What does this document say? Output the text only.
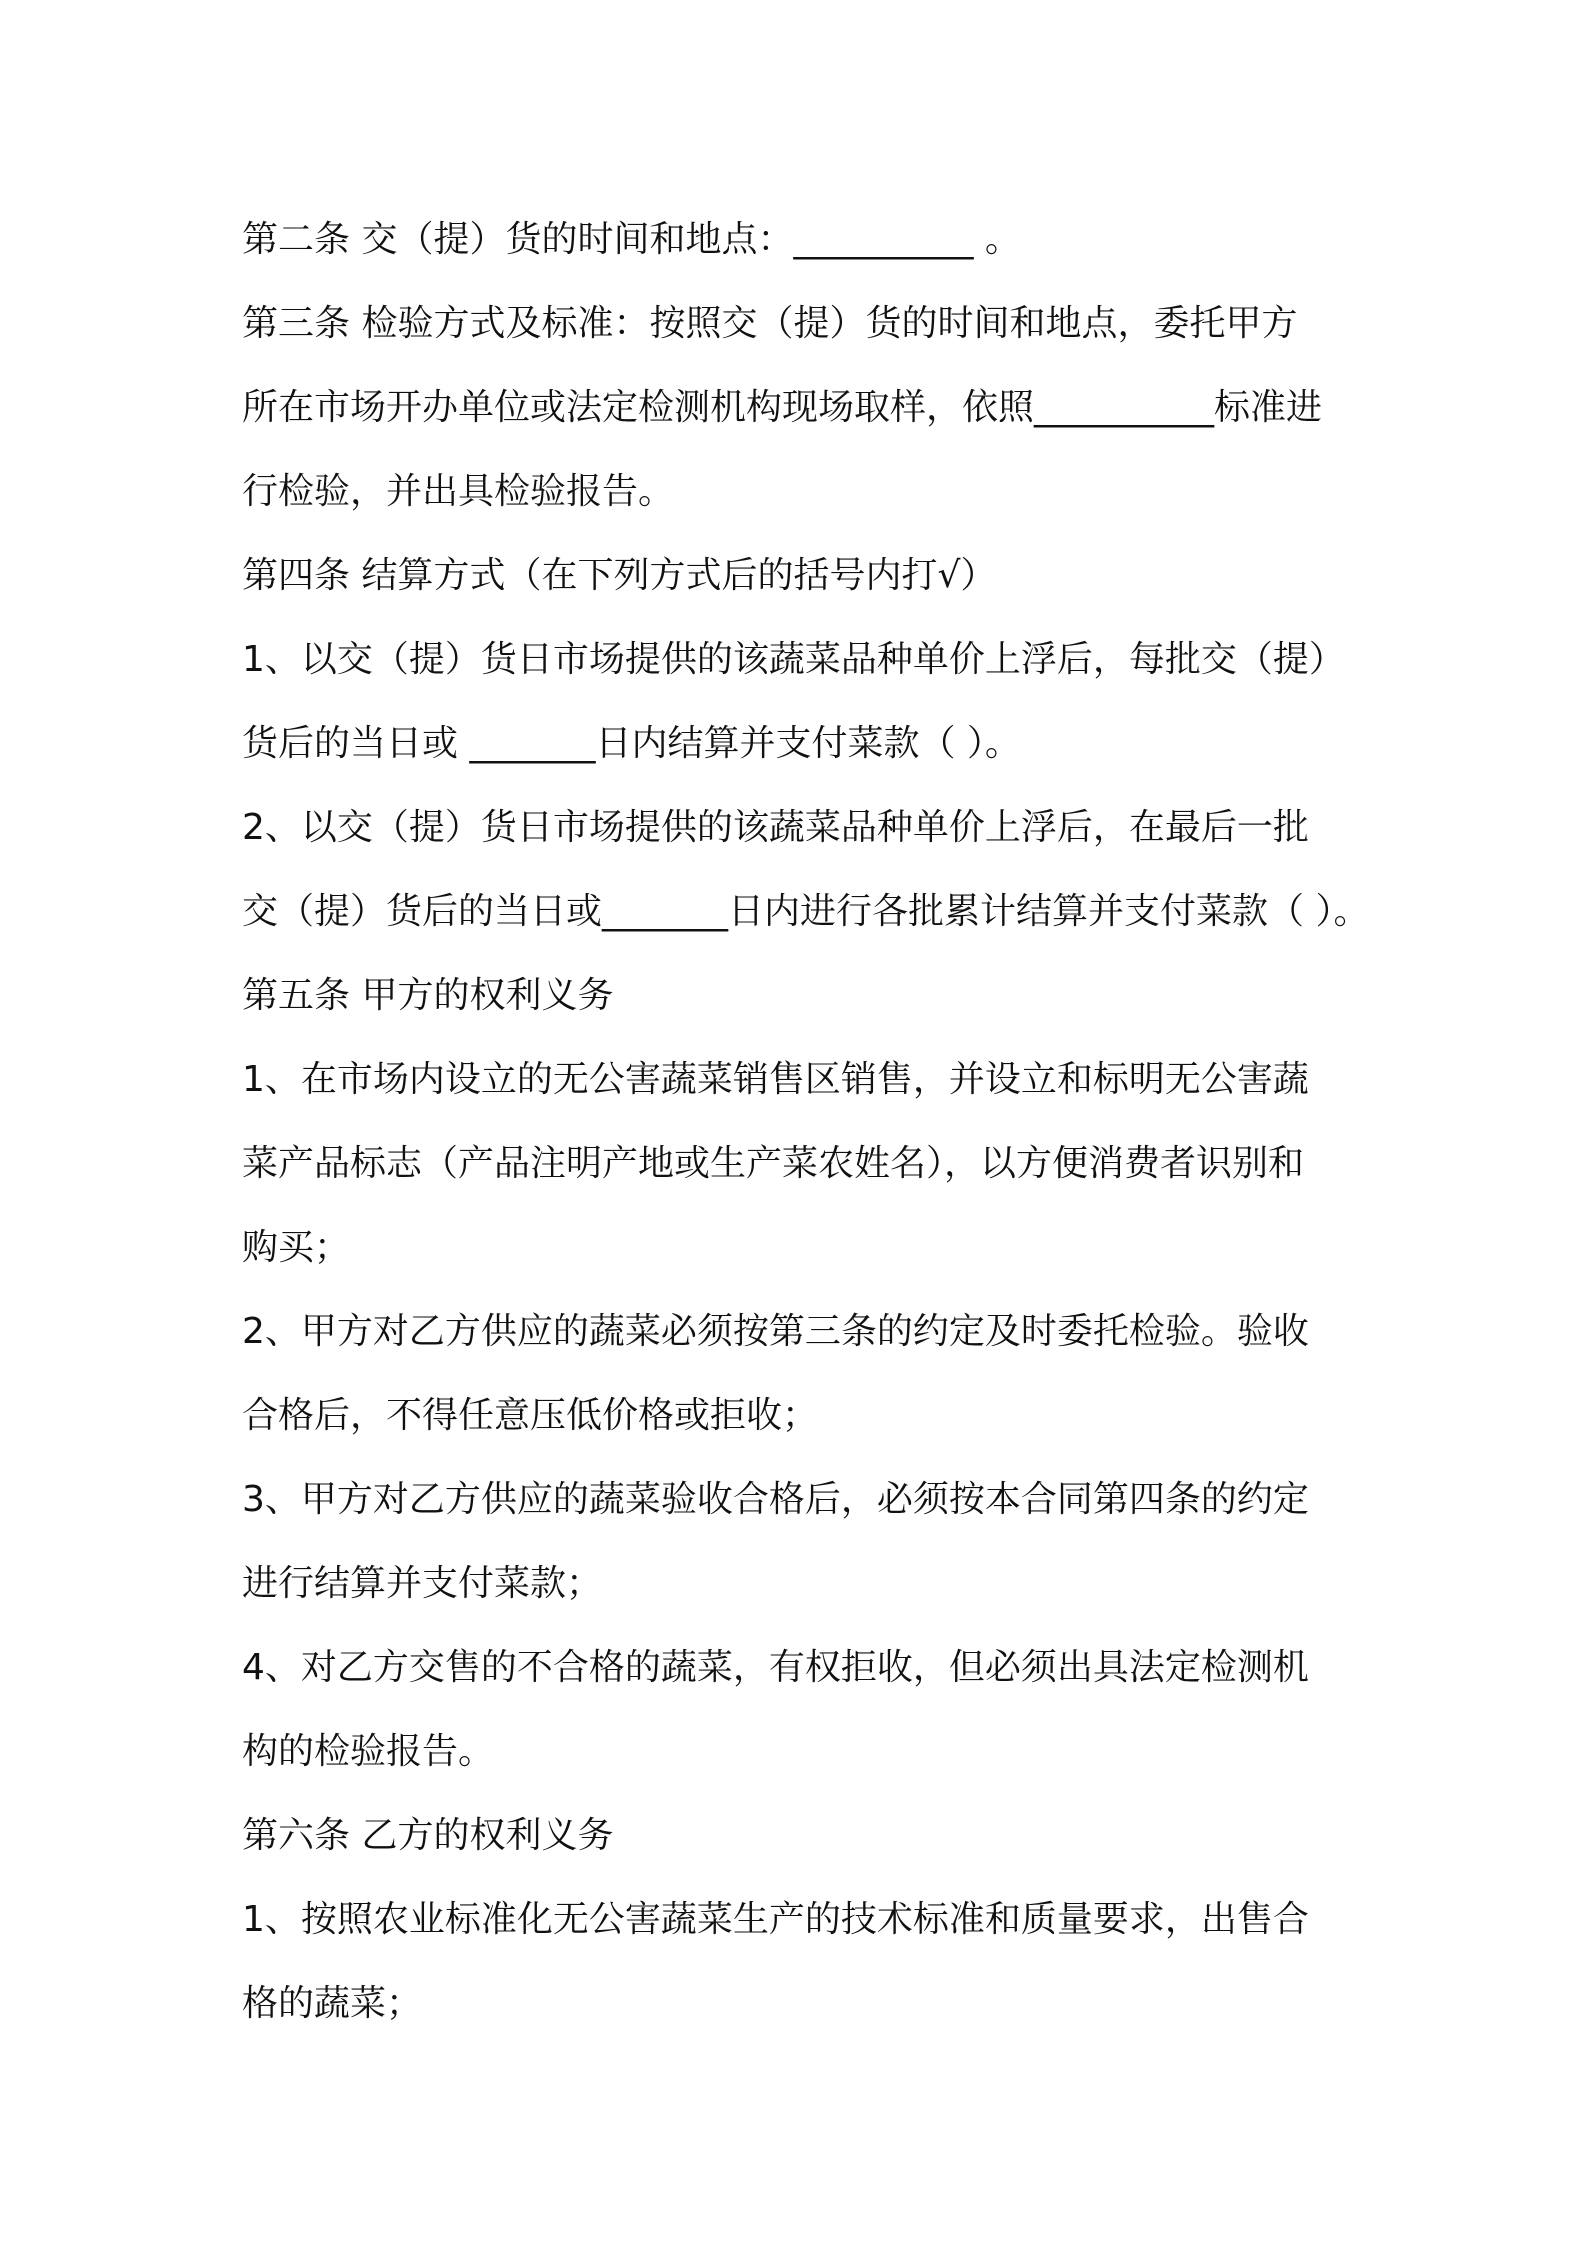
第二条 交（提）货的时间和地点：__________ 。
第三条 检验方式及标准：按照交（提）货的时间和地点，委托甲方
所在市场开办单位或法定检测机构现场取样，依照__________标准进
行检验，并出具检验报告。
第四条 结算方式（在下列方式后的括号内打√）
1、以交（提）货日市场提供的该蔬菜品种单价上浮后，每批交（提）
货后的当日或 _______日内结算并支付菜款（ ）。
2、以交（提）货日市场提供的该蔬菜品种单价上浮后，在最后一批
交（提）货后的当日或_______日内进行各批累计结算并支付菜款（ ）。
第五条 甲方的权利义务
1、在市场内设立的无公害蔬菜销售区销售，并设立和标明无公害蔬
菜产品标志（产品注明产地或生产菜农姓名），以方便消费者识别和
购买；
2、甲方对乙方供应的蔬菜必须按第三条的约定及时委托检验。验收
合格后，不得任意压低价格或拒收；
3、甲方对乙方供应的蔬菜验收合格后，必须按本合同第四条的约定
进行结算并支付菜款；
4、对乙方交售的不合格的蔬菜，有权拒收，但必须出具法定检测机
构的检验报告。
第六条 乙方的权利义务
1、按照农业标准化无公害蔬菜生产的技术标准和质量要求，出售合
格的蔬菜；
